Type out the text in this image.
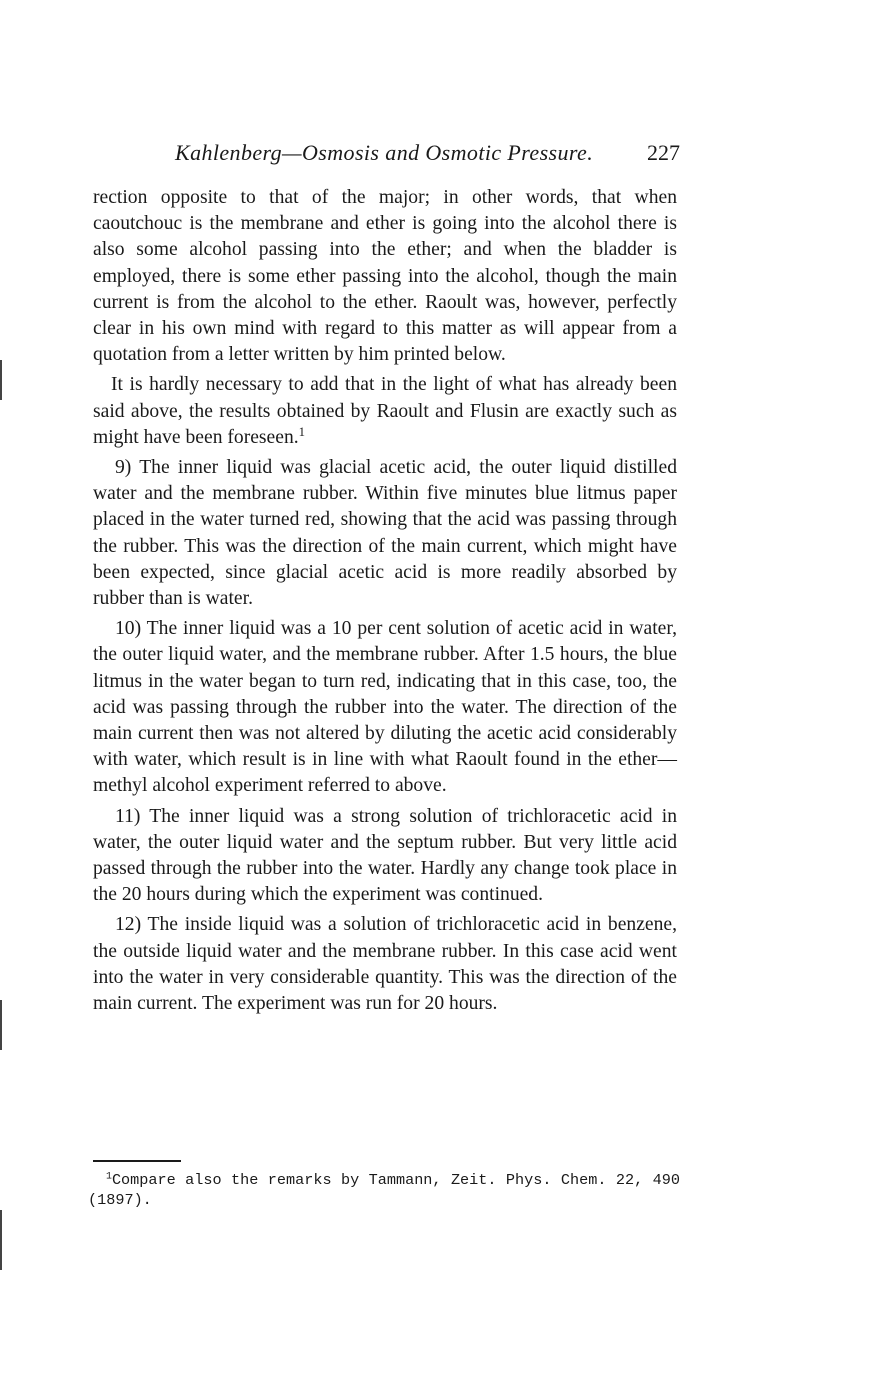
Kahlenberg—Osmosis and Osmotic Pressure. 227

rection opposite to that of the major; in other words, that when caoutchouc is the membrane and ether is going into the alcohol there is also some alcohol passing into the ether; and when the bladder is employed, there is some ether passing into the alcohol, though the main current is from the alcohol to the ether. Raoult was, however, perfectly clear in his own mind with regard to this matter as will appear from a quotation from a letter written by him printed below.

It is hardly necessary to add that in the light of what has already been said above, the results obtained by Raoult and Flusin are exactly such as might have been foreseen.$^1$

9) The inner liquid was glacial acetic acid, the outer liquid distilled water and the membrane rubber. Within five minutes blue litmus paper placed in the water turned red, showing that the acid was passing through the rubber. This was the direction of the main current, which might have been expected, since glacial acetic acid is more readily absorbed by rubber than is water.

10) The inner liquid was a 10 per cent solution of acetic acid in water, the outer liquid water, and the membrane rubber. After 1.5 hours, the blue litmus in the water began to turn red, indicating that in this case, too, the acid was passing through the rubber into the water. The direction of the main current then was not altered by diluting the acetic acid considerably with water, which result is in line with what Raoult found in the ether—methyl alcohol experiment referred to above.

11) The inner liquid was a strong solution of trichloracetic acid in water, the outer liquid water and the septum rubber. But very little acid passed through the rubber into the water. Hardly any change took place in the 20 hours during which the experiment was continued.

12) The inside liquid was a solution of trichloracetic acid in benzene, the outside liquid water and the membrane rubber. In this case acid went into the water in very considerable quantity. This was the direction of the main current. The experiment was run for 20 hours.

$^1$Compare also the remarks by Tammann, Zeit. Phys. Chem. 22, 490 (1897).
